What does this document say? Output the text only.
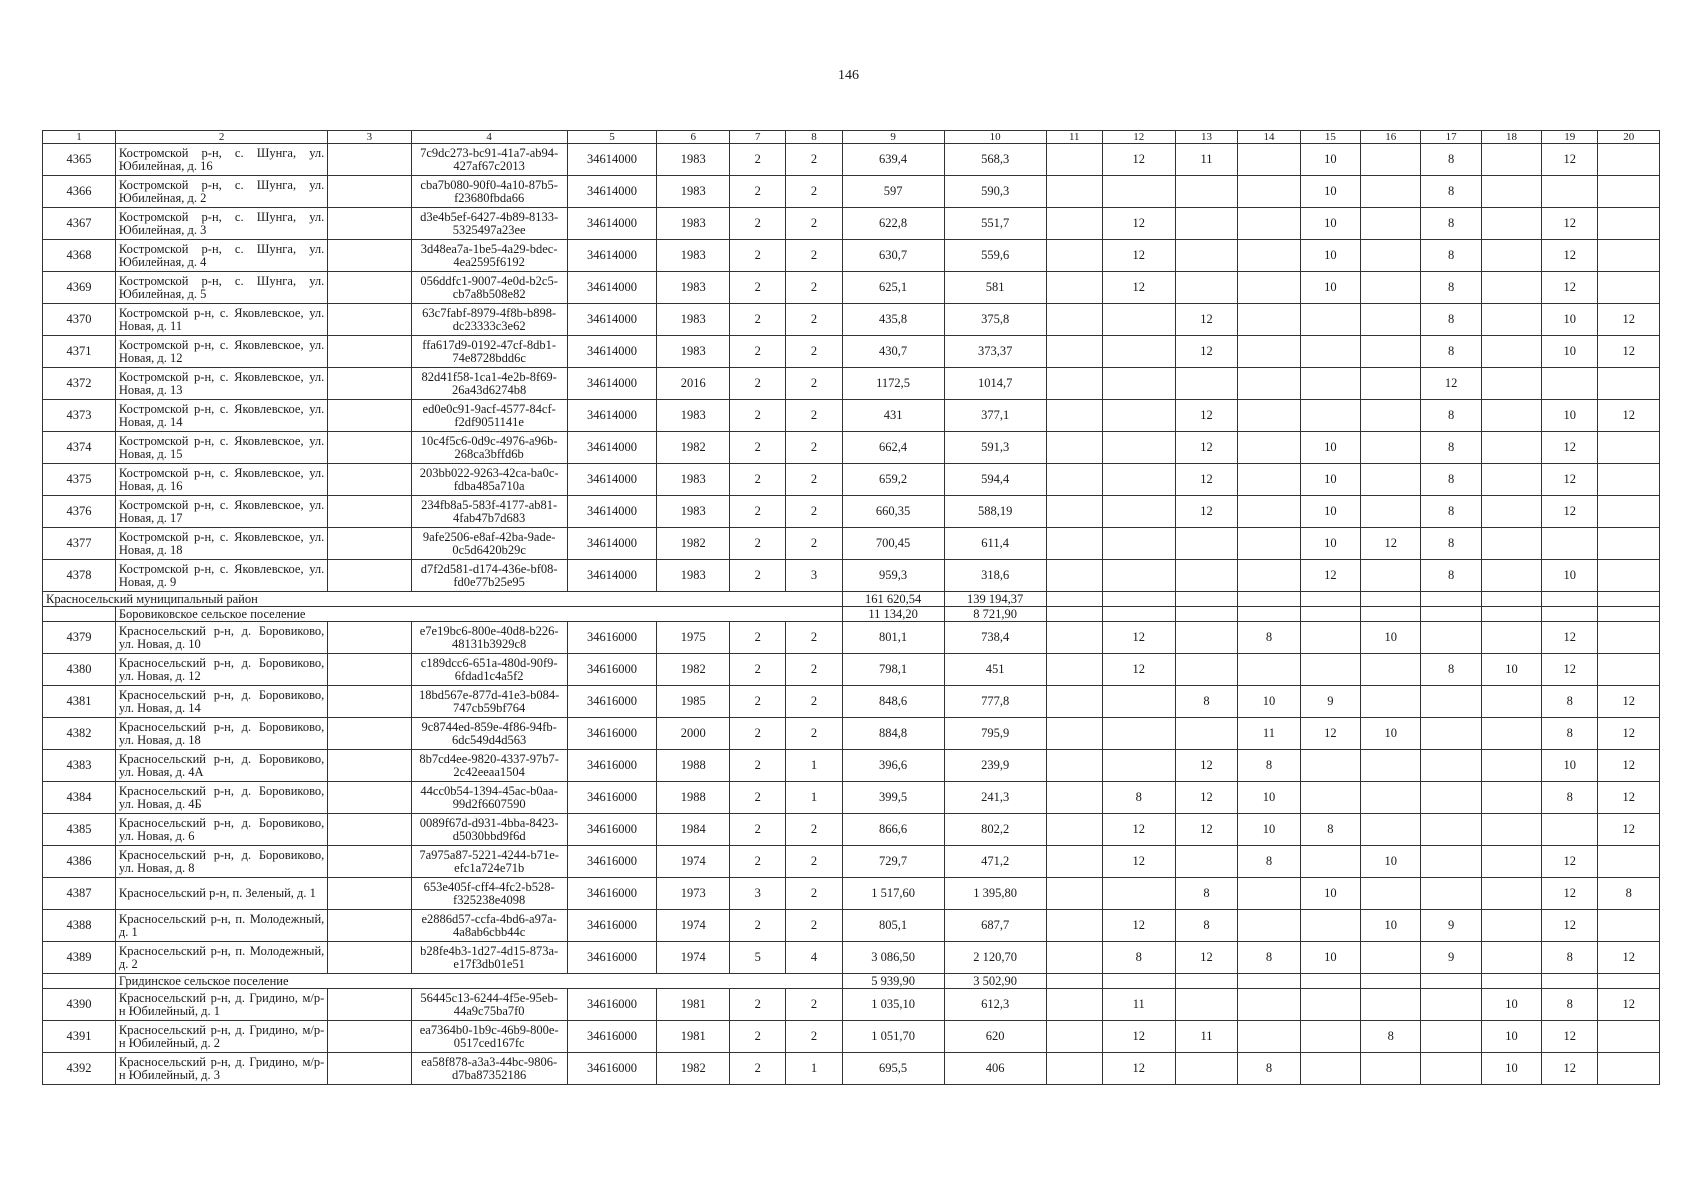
146
1	2	3	4	5	6	7	8	9	10	11	12	13	14	15	16	17	18	19	20
4365	Костромской р-н, с. Шунга, ул. Юбилейная, д. 16		7c9dc273-bc91-41a7-ab94-427af67c2013	34614000	1983	2	2	639,4	568,3		12	11		10		8		12	
4366	Костромской р-н, с. Шунга, ул. Юбилейная, д. 2		cba7b080-90f0-4a10-87b5-f23680fbda66	34614000	1983	2	2	597	590,3					10		8			
4367	Костромской р-н, с. Шунга, ул. Юбилейная, д. 3		d3e4b5ef-6427-4b89-8133-5325497a23ee	34614000	1983	2	2	622,8	551,7		12			10		8		12	
4368	Костромской р-н, с. Шунга, ул. Юбилейная, д. 4		3d48ea7a-1be5-4a29-bdec-4ea2595f6192	34614000	1983	2	2	630,7	559,6		12			10		8		12	
4369	Костромской р-н, с. Шунга, ул. Юбилейная, д. 5		056ddfc1-9007-4e0d-b2c5-cb7a8b508e82	34614000	1983	2	2	625,1	581		12			10		8		12	
4370	Костромской р-н, с. Яковлевское, ул. Новая, д. 11		63c7fabf-8979-4f8b-b898-dc23333c3e62	34614000	1983	2	2	435,8	375,8			12				8		10	12
4371	Костромской р-н, с. Яковлевское, ул. Новая, д. 12		ffa617d9-0192-47cf-8db1-74e8728bdd6c	34614000	1983	2	2	430,7	373,37			12				8		10	12
4372	Костромской р-н, с. Яковлевское, ул. Новая, д. 13		82d41f58-1ca1-4e2b-8f69-26a43d6274b8	34614000	2016	2	2	1172,5	1014,7							12			
4373	Костромской р-н, с. Яковлевское, ул. Новая, д. 14		ed0e0c91-9acf-4577-84cf-f2df9051141e	34614000	1983	2	2	431	377,1			12				8		10	12
4374	Костромской р-н, с. Яковлевское, ул. Новая, д. 15		10c4f5c6-0d9c-4976-a96b-268ca3bffd6b	34614000	1982	2	2	662,4	591,3			12		10		8		12	
4375	Костромской р-н, с. Яковлевское, ул. Новая, д. 16		203bb022-9263-42ca-ba0c-fdba485a710a	34614000	1983	2	2	659,2	594,4			12		10		8		12	
4376	Костромской р-н, с. Яковлевское, ул. Новая, д. 17		234fb8a5-583f-4177-ab81-4fab47b7d683	34614000	1983	2	2	660,35	588,19			12		10		8		12	
4377	Костромской р-н, с. Яковлевское, ул. Новая, д. 18		9afe2506-e8af-42ba-9ade-0c5d6420b29c	34614000	1982	2	2	700,45	611,4					10	12	8			
4378	Костромской р-н, с. Яковлевское, ул. Новая, д. 9		d7f2d581-d174-436e-bf08-fd0e77b25e95	34614000	1983	2	3	959,3	318,6					12		8		10	
Красносельский муниципальный район								161 620,54	139 194,37										
	Боровиковское сельское поселение							11 134,20	8 721,90										
4379	Красносельский р-н, д. Боровиково, ул. Новая, д. 10		e7e19bc6-800e-40d8-b226-48131b3929c8	34616000	1975	2	2	801,1	738,4		12		8		10			12	
4380	Красносельский р-н, д. Боровиково, ул. Новая, д. 12		c189dcc6-651a-480d-90f9-6fdad1c4a5f2	34616000	1982	2	2	798,1	451		12					8	10	12	
4381	Красносельский р-н, д. Боровиково, ул. Новая, д. 14		18bd567e-877d-41e3-b084-747cb59bf764	34616000	1985	2	2	848,6	777,8			8	10	9				8	12
4382	Красносельский р-н, д. Боровиково, ул. Новая, д. 18		9c8744ed-859e-4f86-94fb-6dc549d4d563	34616000	2000	2	2	884,8	795,9				11	12	10			8	12
4383	Красносельский р-н, д. Боровиково, ул. Новая, д. 4А		8b7cd4ee-9820-4337-97b7-2c42eeaa1504	34616000	1988	2	1	396,6	239,9			12	8					10	12
4384	Красносельский р-н, д. Боровиково, ул. Новая, д. 4Б		44cc0b54-1394-45ac-b0aa-99d2f6607590	34616000	1988	2	1	399,5	241,3		8	12	10					8	12
4385	Красносельский р-н, д. Боровиково, ул. Новая, д. 6		0089f67d-d931-4bba-8423-d5030bbd9f6d	34616000	1984	2	2	866,6	802,2		12	12	10	8					12
4386	Красносельский р-н, д. Боровиково, ул. Новая, д. 8		7a975a87-5221-4244-b71e-efc1a724e71b	34616000	1974	2	2	729,7	471,2		12		8		10			12	
4387	Красносельский р-н, п. Зеленый, д. 1		653e405f-cff4-4fc2-b528-f325238e4098	34616000	1973	3	2	1 517,60	1 395,80			8		10				12	8
4388	Красносельский р-н, п. Молодежный, д. 1		e2886d57-ccfa-4bd6-a97a-4a8ab6cbb44c	34616000	1974	2	2	805,1	687,7		12	8			10	9		12	
4389	Красносельский р-н, п. Молодежный, д. 2		b28fe4b3-1d27-4d15-873a-e17f3db01e51	34616000	1974	5	4	3 086,50	2 120,70		8	12	8	10		9		8	12
	Гридинское сельское поселение							5 939,90	3 502,90										
4390	Красносельский р-н, д. Гридино, м/р-н Юбилейный, д. 1		56445c13-6244-4f5e-95eb-44a9c75ba7f0	34616000	1981	2	2	1 035,10	612,3		11						10	8	12
4391	Красносельский р-н, д. Гридино, м/р-н Юбилейный, д. 2		ea7364b0-1b9c-46b9-800e-0517ced167fc	34616000	1981	2	2	1 051,70	620		12	11			8		10	12	
4392	Красносельский р-н, д. Гридино, м/р-н Юбилейный, д. 3		ea58f878-a3a3-44bc-9806-d7ba87352186	34616000	1982	2	1	695,5	406		12		8				10	12	
